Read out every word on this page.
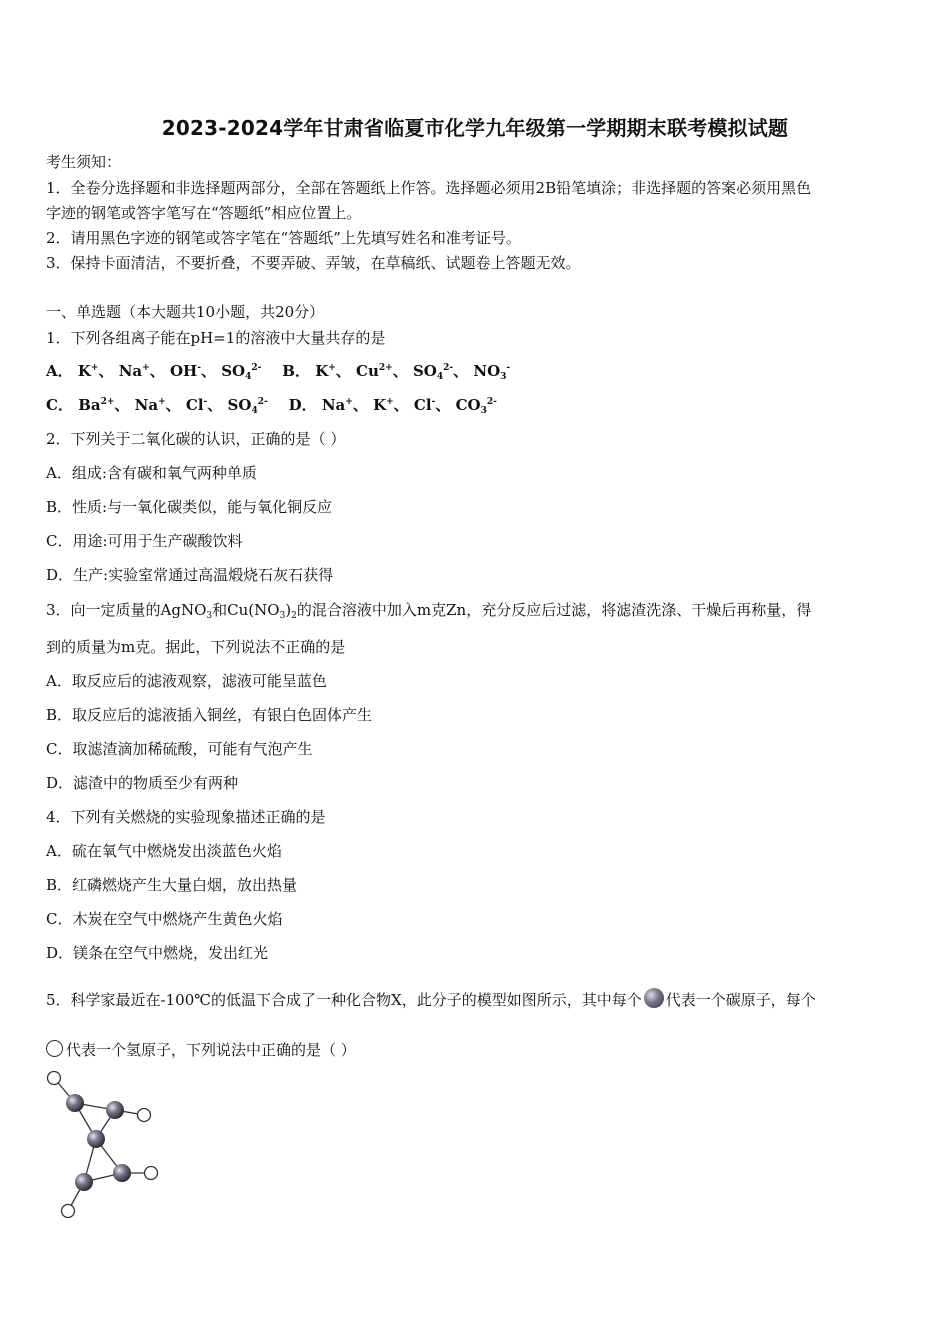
2023-2024学年甘肃省临夏市化学九年级第一学期期末联考模拟试题
考生须知：
1．全卷分选择题和非选择题两部分，全部在答题纸上作答。选择题必须用2B铅笔填涂；非选择题的答案必须用黑色
字迹的钢笔或答字笔写在“答题纸”相应位置上。
2．请用黑色字迹的钢笔或答字笔在“答题纸”上先填写姓名和准考证号。
3．保持卡面清洁，不要折叠，不要弄破、弄皱，在草稿纸、试题卷上答题无效。
一、单选题（本大题共10小题，共20分）
1．下列各组离子能在pH=1的溶液中大量共存的是
A． K+、 Na+、 OH-、 $SO_4^{2-}$ B． K+、 $Cu^{2+}$、 $SO_4^{2-}$、 $NO_3^-$
C． $Ba^{2+}$、 Na+、 Cl-、 $SO_4^{2-}$ D． Na+、 K+、 Cl-、 $CO_3^{2-}$
2．下列关于二氧化碳的认识，正确的是（ ）
A．组成:含有碳和氧气两种单质
B．性质:与一氧化碳类似，能与氧化铜反应
C．用途:可用于生产碳酸饮料
D．生产:实验室常通过高温煅烧石灰石获得
3．向一定质量的AgNO$_3$和$Cu(NO_3)_2$的混合溶液中加入m克Zn，充分反应后过滤，将滤渣洗涤、干燥后再称量，得
到的质量为m克。据此，下列说法不正确的是
A．取反应后的滤液观察，滤液可能呈蓝色
B．取反应后的滤液插入铜丝，有银白色固体产生
C．取滤渣滴加稀硫酸，可能有气泡产生
D．滤渣中的物质至少有两种
4．下列有关燃烧的实验现象描述正确的是
A．硫在氧气中燃烧发出淡蓝色火焰
B．红磷燃烧产生大量白烟，放出热量
C．木炭在空气中燃烧产生黄色火焰
D．镁条在空气中燃烧，发出红光
5．科学家最近在-100℃的低温下合成了一种化合物X，此分子的模型如图所示，其中每个 代表一个碳原子，每个
代表一个氢原子，下列说法中正确的是（ ）
